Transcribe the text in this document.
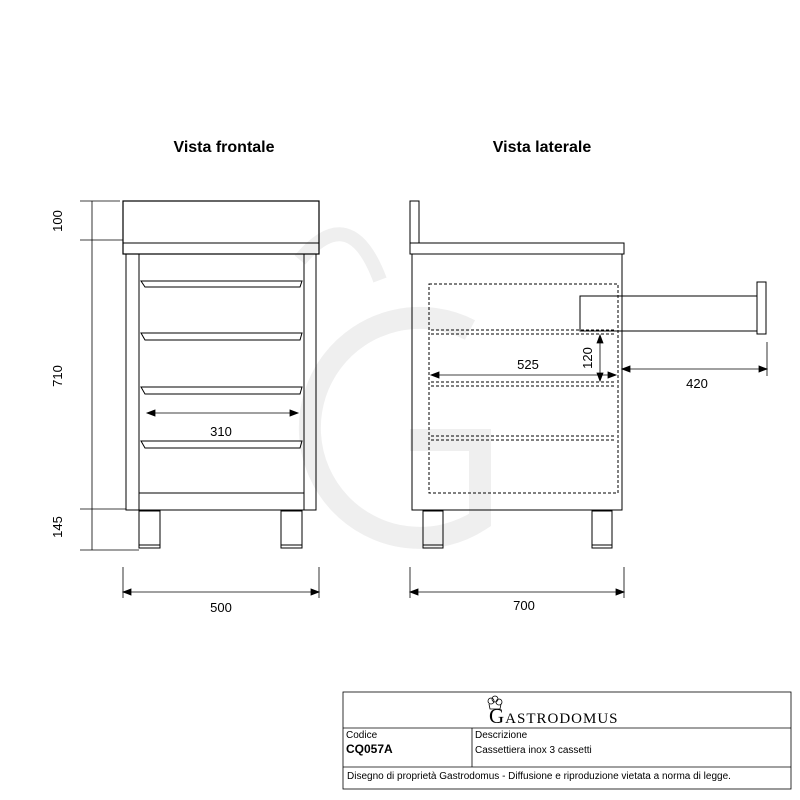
Vista frontale
100
710
145
310
500
Vista laterale
525	120
420
700
GASTRODOMUS
Codice
CQ057A
Descrizione
Cassettiera inox 3 cassetti
Disegno di proprietà Gastrodomus - Diffusione e riproduzione vietata a norma di legge.
